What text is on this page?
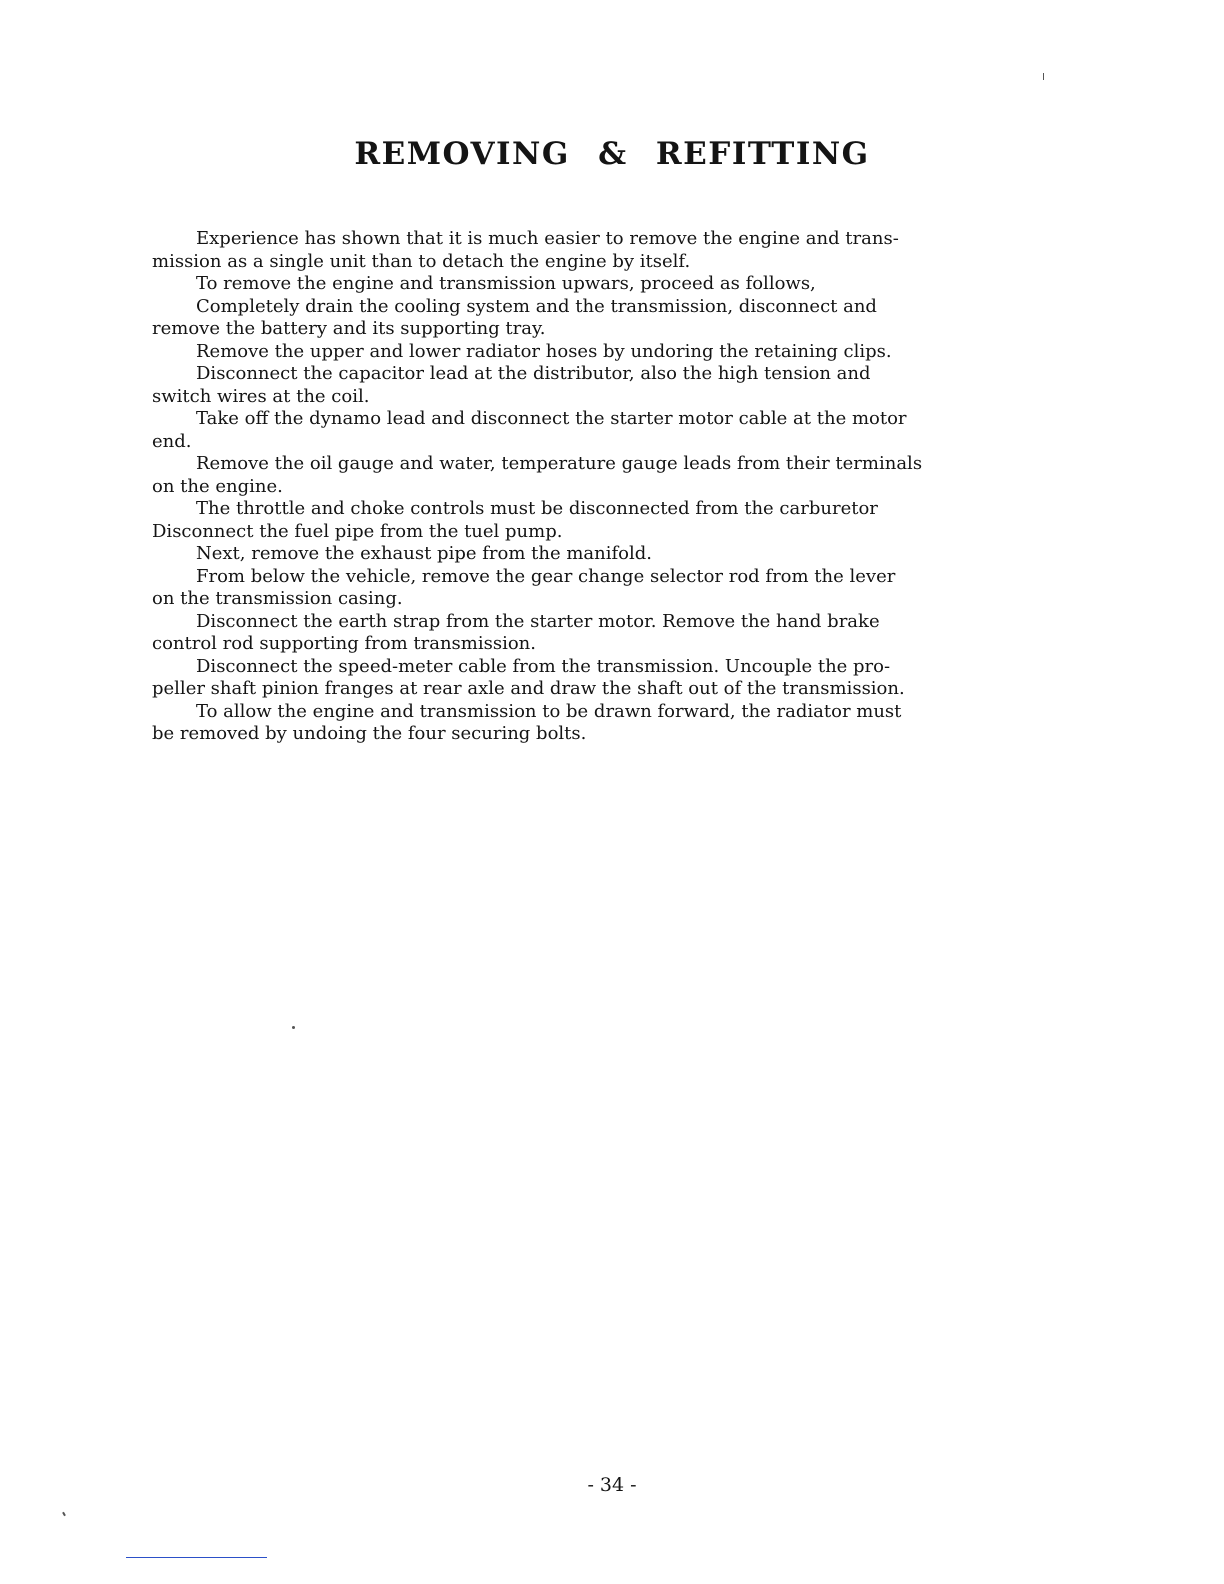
REMOVING & REFITTING

Experience has shown that it is much easier to remove the engine and trans-
mission as a single unit than to detach the engine by itself.

To remove the engine and transmission upwars, proceed as follows,

Completely drain the cooling system and the transmission, disconnect and
remove the battery and its supporting tray.

Remove the upper and lower radiator hoses by undoring the retaining clips.

Disconnect the capacitor lead at the distributor, also the high tension and
switch wires at the coil.

Take off the dynamo lead and disconnect the starter motor cable at the motor
end.

Remove the oil gauge and water, temperature gauge leads from their terminals
on the engine.

The throttle and choke controls must be disconnected from the carburetor
Disconnect the fuel pipe from the tuel pump.

Next, remove the exhaust pipe from the manifold.

From below the vehicle, remove the gear change selector rod from the lever
on the transmission casing.

Disconnect the earth strap from the starter motor. Remove the hand brake
control rod supporting from transmission.

Disconnect the speed-meter cable from the transmission. Uncouple the pro-
peller shaft pinion franges at rear axle and draw the shaft out of the transmission.

To allow the engine and transmission to be drawn forward, the radiator must
be removed by undoing the four securing bolts.

- 34 -
